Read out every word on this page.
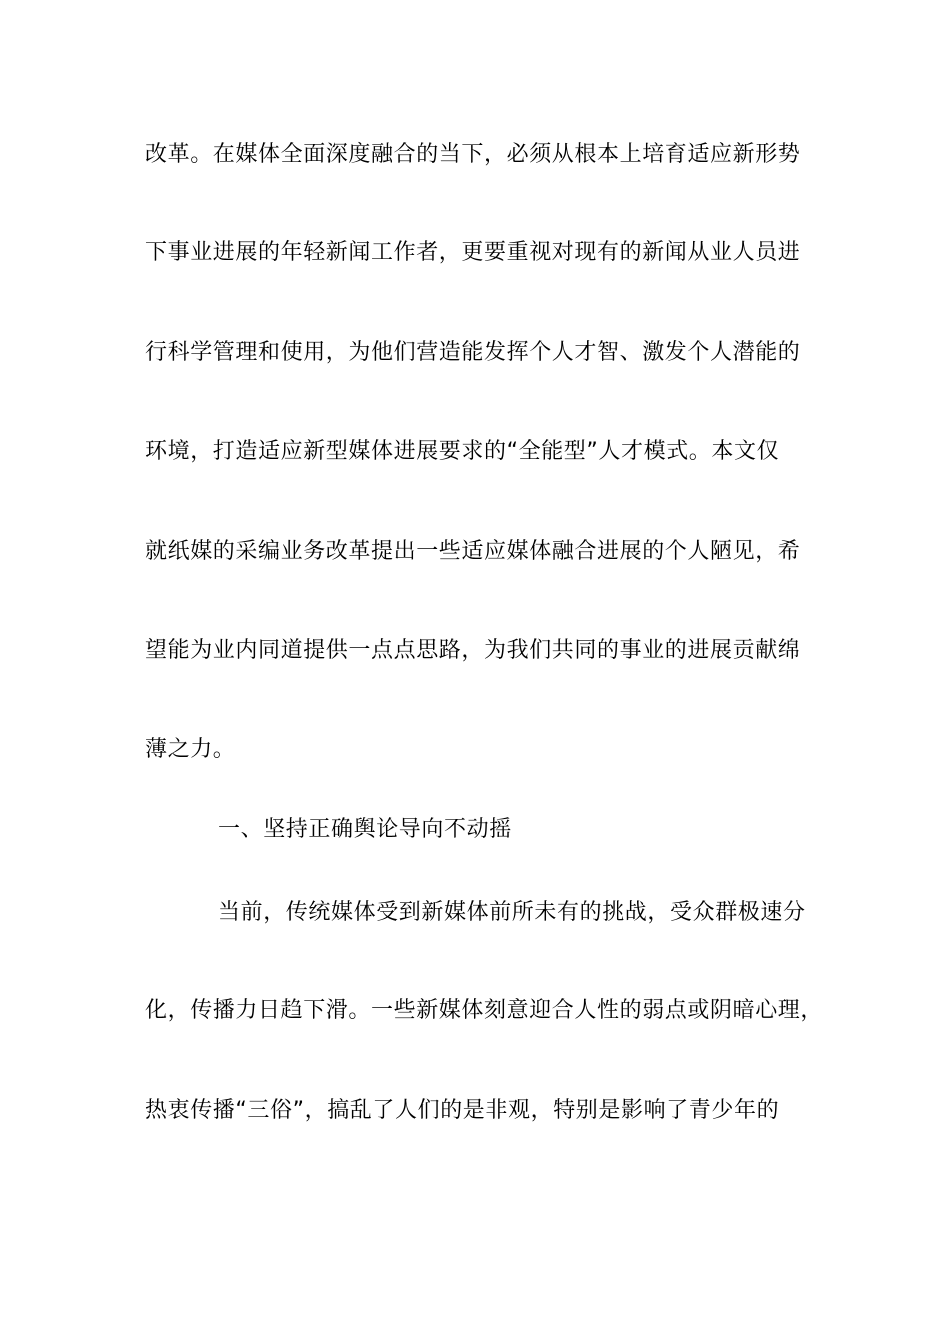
改革。在媒体全面深度融合的当下，必须从根本上培育适应新形势
下事业进展的年轻新闻工作者，更要重视对现有的新闻从业人员进
行科学管理和使用，为他们营造能发挥个人才智、激发个人潜能的
环境，打造适应新型媒体进展要求的“全能型”人才模式。本文仅
就纸媒的采编业务改革提出一些适应媒体融合进展的个人陋见，希
望能为业内同道提供一点点思路，为我们共同的事业的进展贡献绵
薄之力。
一、坚持正确舆论导向不动摇
当前，传统媒体受到新媒体前所未有的挑战，受众群极速分
化，传播力日趋下滑。一些新媒体刻意迎合人性的弱点或阴暗心理，
热衷传播“三俗”，搞乱了人们的是非观，特别是影响了青少年的
